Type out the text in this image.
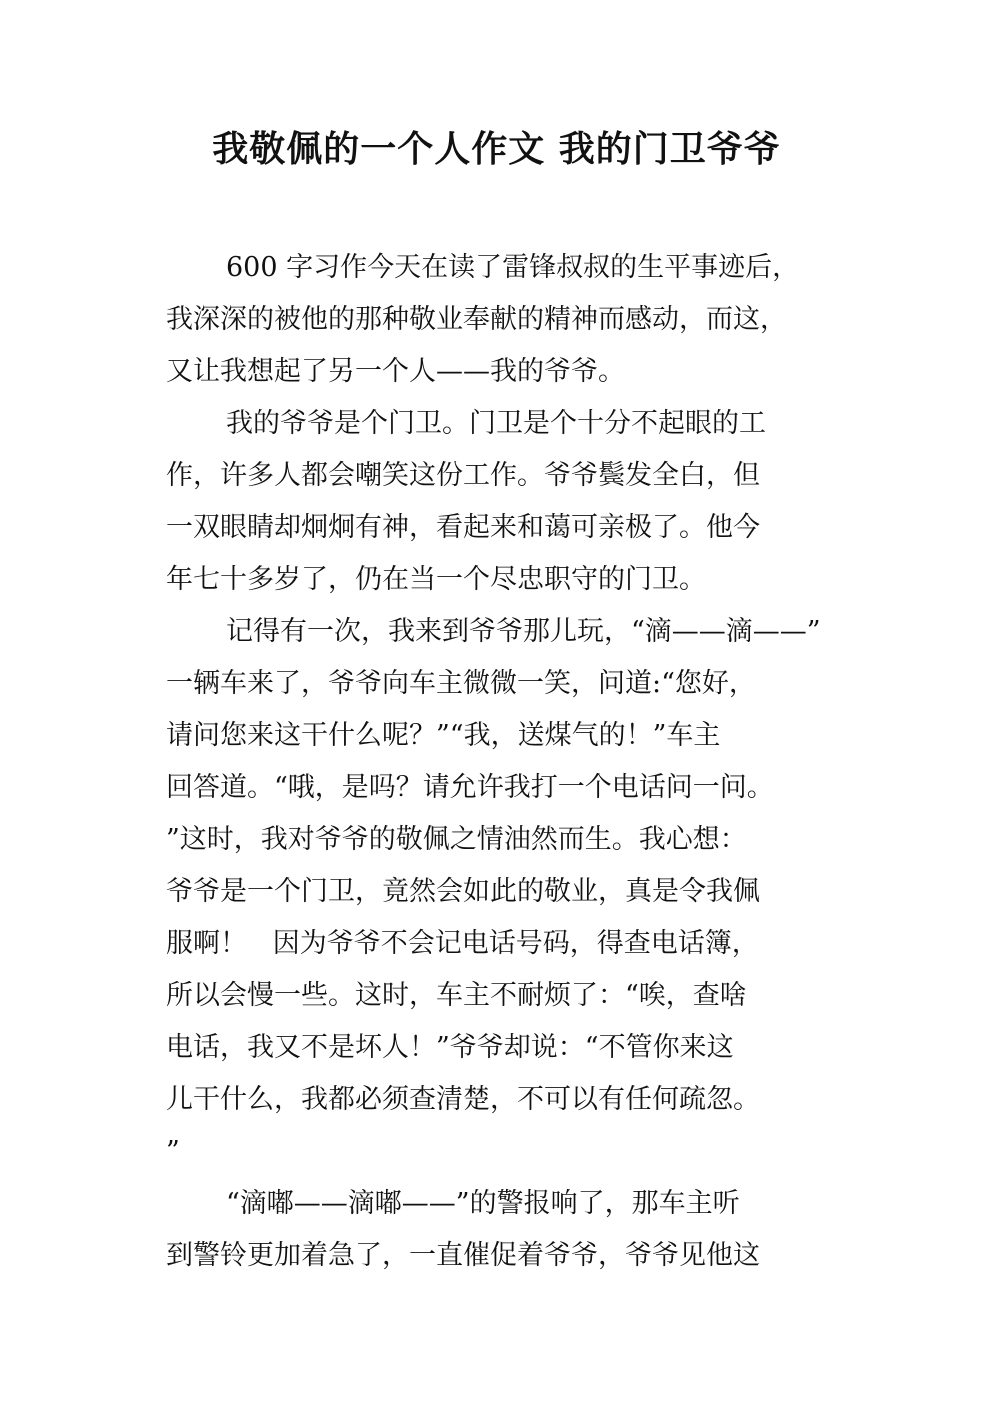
我敬佩的一个人作文 我的门卫爷爷
600 字习作今天在读了雷锋叔叔的生平事迹后，
我深深的被他的那种敬业奉献的精神而感动，而这，
又让我想起了另一个人——我的爷爷。
我的爷爷是个门卫。门卫是个十分不起眼的工
作，许多人都会嘲笑这份工作。爷爷鬓发全白，但
一双眼睛却炯炯有神，看起来和蔼可亲极了。他今
年七十多岁了，仍在当一个尽忠职守的门卫。
记得有一次，我来到爷爷那儿玩，“滴——滴——”
一辆车来了，爷爷向车主微微一笑，问道:“您好，
请问您来这干什么呢？”“我，送煤气的！”车主
回答道。“哦，是吗？请允许我打一个电话问一问。
”这时，我对爷爷的敬佩之情油然而生。我心想：
爷爷是一个门卫，竟然会如此的敬业，真是令我佩
服啊！   因为爷爷不会记电话号码，得查电话簿，
所以会慢一些。这时，车主不耐烦了：“唉，查啥
电话，我又不是坏人！”爷爷却说：“不管你来这
儿干什么，我都必须查清楚，不可以有任何疏忽。
”
“滴嘟——滴嘟——”的警报响了，那车主听
到警铃更加着急了，一直催促着爷爷，爷爷见他这
